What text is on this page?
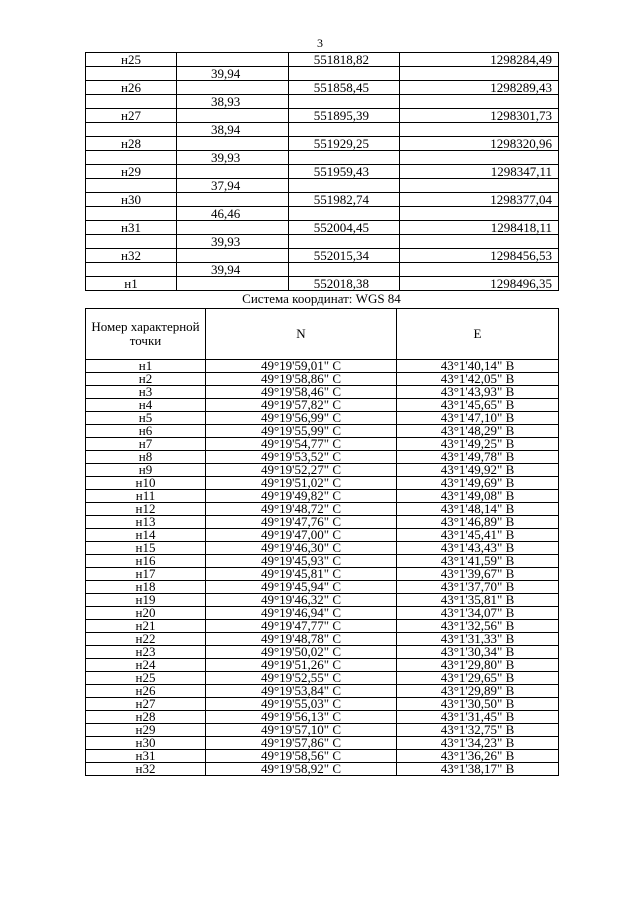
3
н25		551818,82	1298284,49
	39,94		
н26		551858,45	1298289,43
	38,93		
н27		551895,39	1298301,73
	38,94		
н28		551929,25	1298320,96
	39,93		
н29		551959,43	1298347,11
	37,94		
н30		551982,74	1298377,04
	46,46		
н31		552004,45	1298418,11
	39,93		
н32		552015,34	1298456,53
	39,94		
н1		552018,38	1298496,35
Система координат: WGS 84
Номер характерной точки	N	E
н1	49°19'59,01" С	43°1'40,14" В
н2	49°19'58,86" С	43°1'42,05" В
н3	49°19'58,46" С	43°1'43,93" В
н4	49°19'57,82" С	43°1'45,65" В
н5	49°19'56,99" С	43°1'47,10" В
н6	49°19'55,99" С	43°1'48,29" В
н7	49°19'54,77" С	43°1'49,25" В
н8	49°19'53,52" С	43°1'49,78" В
н9	49°19'52,27" С	43°1'49,92" В
н10	49°19'51,02" С	43°1'49,69" В
н11	49°19'49,82" С	43°1'49,08" В
н12	49°19'48,72" С	43°1'48,14" В
н13	49°19'47,76" С	43°1'46,89" В
н14	49°19'47,00" С	43°1'45,41" В
н15	49°19'46,30" С	43°1'43,43" В
н16	49°19'45,93" С	43°1'41,59" В
н17	49°19'45,81" С	43°1'39,67" В
н18	49°19'45,94" С	43°1'37,70" В
н19	49°19'46,32" С	43°1'35,81" В
н20	49°19'46,94" С	43°1'34,07" В
н21	49°19'47,77" С	43°1'32,56" В
н22	49°19'48,78" С	43°1'31,33" В
н23	49°19'50,02" С	43°1'30,34" В
н24	49°19'51,26" С	43°1'29,80" В
н25	49°19'52,55" С	43°1'29,65" В
н26	49°19'53,84" С	43°1'29,89" В
н27	49°19'55,03" С	43°1'30,50" В
н28	49°19'56,13" С	43°1'31,45" В
н29	49°19'57,10" С	43°1'32,75" В
н30	49°19'57,86" С	43°1'34,23" В
н31	49°19'58,56" С	43°1'36,26" В
н32	49°19'58,92" С	43°1'38,17" В
